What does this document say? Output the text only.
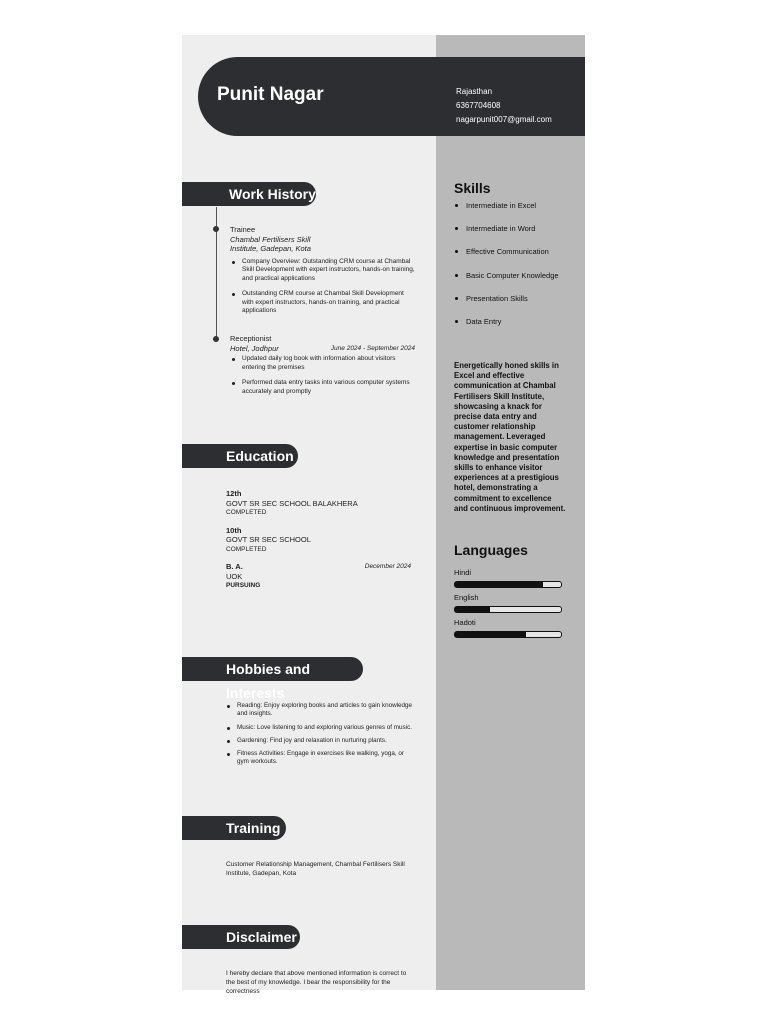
Punit Nagar	Rajasthan
6367704608
nagarpunit007@gmail.com
Work History
Trainee
Chambal Fertilisers Skill
Institute, Gadepan, Kota
Company Overview: Outstanding CRM course at Chambal Skill Development with expert instructors, hands-on training, and practical applications
Outstanding CRM course at Chambal Skill Development with expert instructors, hands-on training, and practical applications
Receptionist
Hotel, Jodhpur	June 2024 - September 2024
Updated daily log book with information about visitors entering the premises
Performed data entry tasks into various computer systems accurately and promptly
Education
12th
GOVT SR SEC SCHOOL BALAKHERA
COMPLETED
10th
GOVT SR SEC SCHOOL
COMPLETED
B. A.	December 2024
UOK
PURSUING
Hobbies and Interests
Reading: Enjoy exploring books and articles to gain knowledge and insights.
Music: Love listening to and exploring various genres of music.
Gardening: Find joy and relaxation in nurturing plants.
Fitness Activities: Engage in exercises like walking, yoga, or gym workouts.
Training
Customer Relationship Management, Chambal Fertilisers Skill Institute, Gadepan, Kota
Disclaimer
I hereby declare that above mentioned information is correct to the best of my knowledge. I bear the responsibility for the correctness
Skills
Intermediate in Excel
Intermediate in Word
Effective Communication
Basic Computer Knowledge
Presentation Skills
Data Entry
Energetically honed skills in Excel and effective communication at Chambal Fertilisers Skill Institute, showcasing a knack for precise data entry and customer relationship management. Leveraged expertise in basic computer knowledge and presentation skills to enhance visitor experiences at a prestigious hotel, demonstrating a commitment to excellence and continuous improvement.
Languages
Hindi
English
Hadoti
